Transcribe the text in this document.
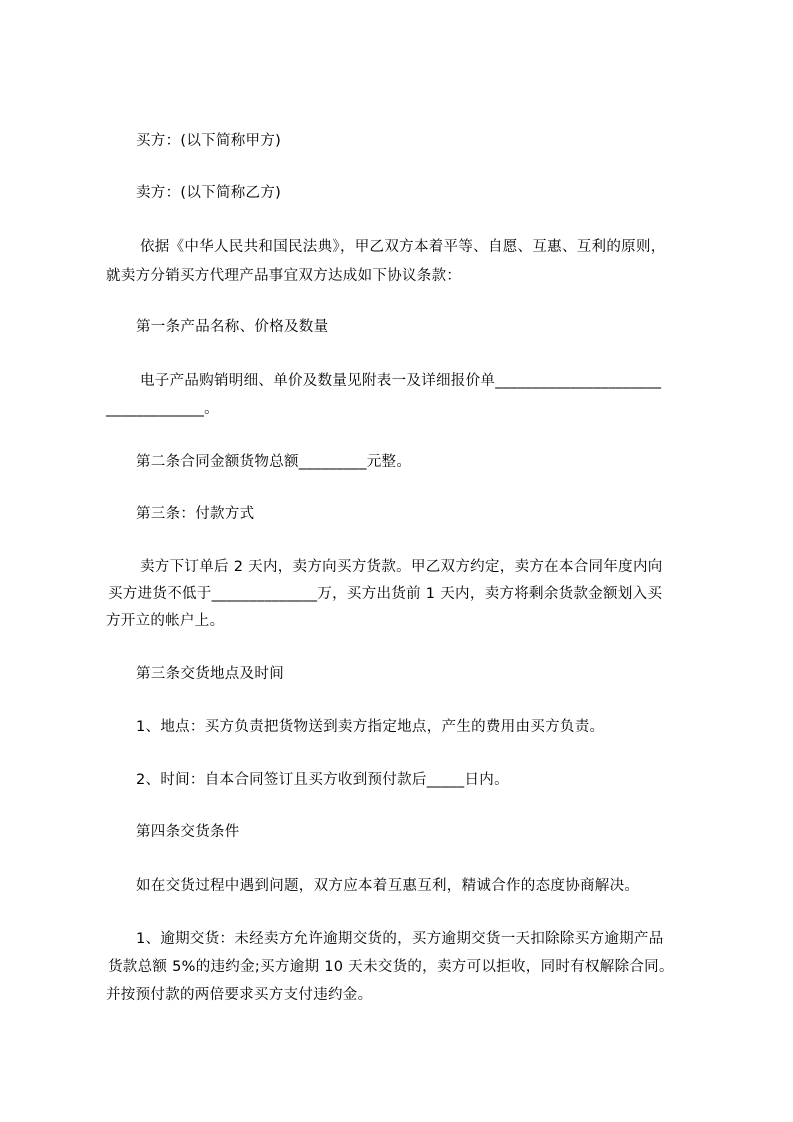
买方：(以下简称甲方)
卖方：(以下简称乙方)
依据《中华人民共和国民法典》，甲乙双方本着平等、自愿、互惠、互利的原则，
就卖方分销买方代理产品事宜双方达成如下协议条款：
第一条产品名称、价格及数量
电子产品购销明细、单价及数量见附表一及详细报价单______________________
_____________。
第二条合同金额货物总额_________元整。
第三条：付款方式
卖方下订单后 2 天内，卖方向买方货款。甲乙双方约定，卖方在本合同年度内向
买方进货不低于______________万，买方出货前 1 天内，卖方将剩余货款金额划入买
方开立的帐户上。
第三条交货地点及时间
1、地点：买方负责把货物送到卖方指定地点，产生的费用由买方负责。
2、时间：自本合同签订且买方收到预付款后_____日内。
第四条交货条件
如在交货过程中遇到问题，双方应本着互惠互利，精诚合作的态度协商解决。
1、逾期交货：未经卖方允许逾期交货的，买方逾期交货一天扣除除买方逾期产品
货款总额 5%的违约金;买方逾期 10 天未交货的，卖方可以拒收，同时有权解除合同。
并按预付款的两倍要求买方支付违约金。
